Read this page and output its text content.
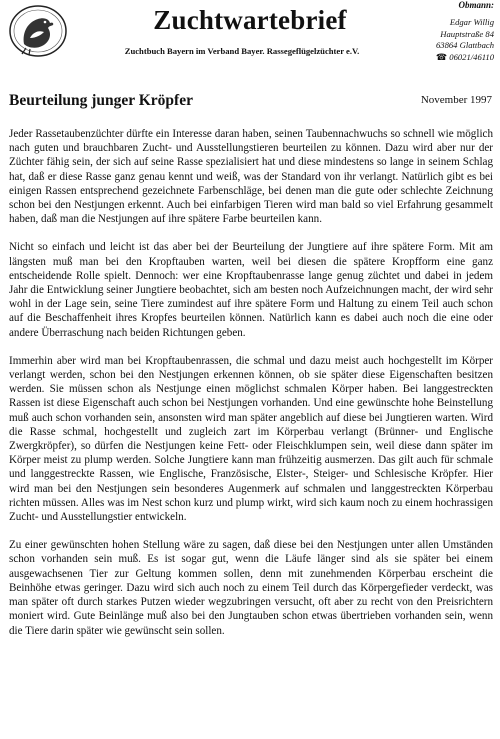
Zuchtwartebrief
Zuchtbuch Bayern im Verband Bayer. Rassegeflügelzüchter e.V.
Obmann:
Edgar Willig
Hauptstraße 84
63864 Glattbach
☎ 06021/46110
Beurteilung junger Kröpfer	November 1997

Jeder Rassetaubenzüchter dürfte ein Interesse daran haben, seinen Taubennachwuchs so schnell wie möglich nach guten und brauchbaren Zucht- und Ausstellungstieren beurteilen zu können. Dazu wird aber nur der Züchter fähig sein, der sich auf seine Rasse spezialisiert hat und diese mindestens so lange in seinem Schlag hat, daß er diese Rasse ganz genau kennt und weiß, was der Standard von ihr verlangt. Natürlich gibt es bei einigen Rassen entsprechend gezeichnete Farbenschläge, bei denen man die gute oder schlechte Zeichnung schon bei den Nestjungen erkennt. Auch bei einfarbigen Tieren wird man bald so viel Erfahrung gesammelt haben, daß man die Nestjungen auf ihre spätere Farbe beurteilen kann.

Nicht so einfach und leicht ist das aber bei der Beurteilung der Jungtiere auf ihre spätere Form. Mit am längsten muß man bei den Kropftauben warten, weil bei diesen die spätere Kropfform eine ganz entscheidende Rolle spielt. Dennoch: wer eine Kropftaubenrasse lange genug züchtet und dabei in jedem Jahr die Entwicklung seiner Jungtiere beobachtet, sich am besten noch Aufzeichnungen macht, der wird sehr wohl in der Lage sein, seine Tiere zumindest auf ihre spätere Form und Haltung zu einem Teil auch schon auf die Beschaffenheit ihres Kropfes beurteilen können. Natürlich kann es dabei auch noch die eine oder andere Überraschung nach beiden Richtungen geben.

Immerhin aber wird man bei Kropftaubenrassen, die schmal und dazu meist auch hochgestellt im Körper verlangt werden, schon bei den Nestjungen erkennen können, ob sie später diese Eigenschaften besitzen werden. Sie müssen schon als Nestjunge einen möglichst schmalen Körper haben. Bei langgestreckten Rassen ist diese Eigenschaft auch schon bei Nestjungen vorhanden. Und eine gewünschte hohe Beinstellung muß auch schon vorhanden sein, ansonsten wird man später angeblich auf diese bei Jungtieren warten. Wird die Rasse schmal, hochgestellt und zugleich zart im Körperbau verlangt (Brünner- und Englische Zwergkröpfer), so dürfen die Nestjungen keine Fett- oder Fleischklumpen sein, weil diese dann später im Körper meist zu plump werden. Solche Jungtiere kann man frühzeitig ausmerzen. Das gilt auch für schmale und langgestreckte Rassen, wie Englische, Französische, Elster-, Steiger- und Schlesische Kröpfer. Hier wird man bei den Nestjungen sein besonderes Augenmerk auf schmalen und langgestreckten Körperbau richten müssen. Alles was im Nest schon kurz und plump wirkt, wird sich kaum noch zu einem hochrassigen Zucht- und Ausstellungstier entwickeln.

Zu einer gewünschten hohen Stellung wäre zu sagen, daß diese bei den Nestjungen unter allen Umständen schon vorhanden sein muß. Es ist sogar gut, wenn die Läufe länger sind als sie später bei einem ausgewachsenen Tier zur Geltung kommen sollen, denn mit zunehmenden Körperbau erscheint die Beinhöhe etwas geringer. Dazu wird sich auch noch zu einem Teil durch das Körpergefieder verdeckt, was man später oft durch starkes Putzen wieder wegzubringen versucht, oft aber zu recht von den Preisrichtern moniert wird. Gute Beinlänge muß also bei den Jungtauben schon etwas übertrieben vorhanden sein, wenn die Tiere darin später wie gewünscht sein sollen.
